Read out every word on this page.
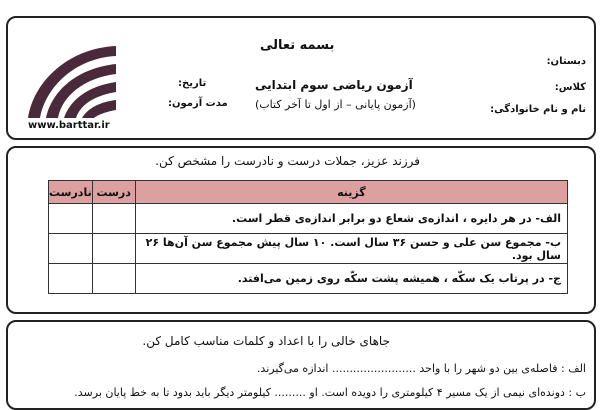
بسمه تعالی
دبستان:
آزمون ریاضی سوم ابتدایی
تاریخ:	کلاس:
(آزمون پایانی – از اول تا آخر کتاب)
مدت آزمون:
نام و نام خانوادگی:
www.barttar.ir
فرزند عزیز، جملات درست و نادرست را مشخص کن.
گزینه	درست	نادرست
الف- در هر دایره ، اندازه‌ی شعاع دو برابر اندازه‌ی قطر است.		
ب- مجموع سن علی و حسن ۳۶ سال است. ۱۰ سال پیش مجموع سن آن‌ها ۲۶ سال بود.		
ج- در پرتاب یک سکّه ، همیشه پشت سکّه روی زمین می‌افتد.		
جاهای خالی را با اعداد و کلمات مناسب کامل کن.
الف : فاصله‌ی بین دو شهر را با واحد ........................ اندازه می‌گیرند.
ب : دونده‌ای نیمی از یک مسیر ۴ کیلومتری را دویده است. او ......... کیلومتر دیگر باید بدود تا به خط پایان برسد.
